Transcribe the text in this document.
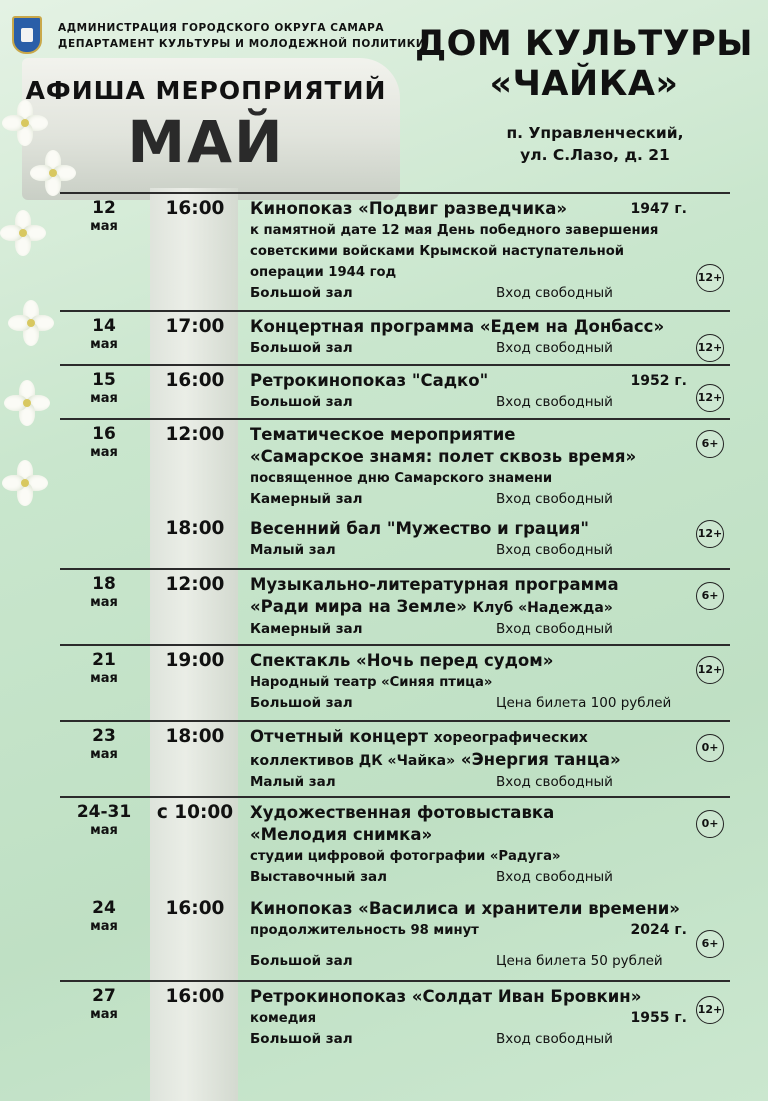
АДМИНИСТРАЦИЯ ГОРОДСКОГО ОКРУГА САМАРА
ДЕПАРТАМЕНТ КУЛЬТУРЫ И МОЛОДЕЖНОЙ ПОЛИТИКИ
АФИША МЕРОПРИЯТИЙ
МАЙ
ДОМ КУЛЬТУРЫ
«ЧАЙКА»
п. Управленческий,
ул. С.Лазо, д. 21
12
мая
16:00	Кинопоказ «Подвиг разведчика»	1947 г.
к памятной дате 12 мая День победного завершения
советскими войсками Крымской наступательной
операции 1944 год
Большой зал	Вход свободный
12+
14
мая
17:00	Концертная программа «Едем на Донбасс»
Большой зал	Вход свободный	12+
15
мая
16:00	Ретрокинопоказ "Садко"	1952 г.
Большой зал	Вход свободный	12+
16
мая
12:00	Тематическое мероприятие
«Самарское знамя: полет сквозь время»
посвященное дню Самарского знамени
Камерный зал	Вход свободный
6+
18:00	Весенний бал "Мужество и грация"
Малый зал	Вход свободный
12+
18
мая
12:00	Музыкально-литературная программа
«Ради мира на Земле» Клуб «Надежда»
Камерный зал	Вход свободный
6+
21
мая
19:00	Спектакль «Ночь перед судом»
Народный театр «Синяя птица»
Большой зал	Цена билета 100 рублей
12+
23
мая
18:00	Отчетный концерт хореографических
коллективов ДК «Чайка» «Энергия танца»
Малый зал	Вход свободный
0+
24-31
мая
с 10:00	Художественная фотовыставка
«Мелодия снимка»
студии цифровой фотографии «Радуга»
Выставочный зал	Вход свободный
0+
24
мая
16:00	Кинопоказ «Василиса и хранители времени»
продолжительность 98 минут	2024 г.
Большой зал	Цена билета 50 рублей
6+
27
мая
16:00	Ретрокинопоказ «Солдат Иван Бровкин»
комедия	1955 г.
Большой зал	Вход свободный
12+
